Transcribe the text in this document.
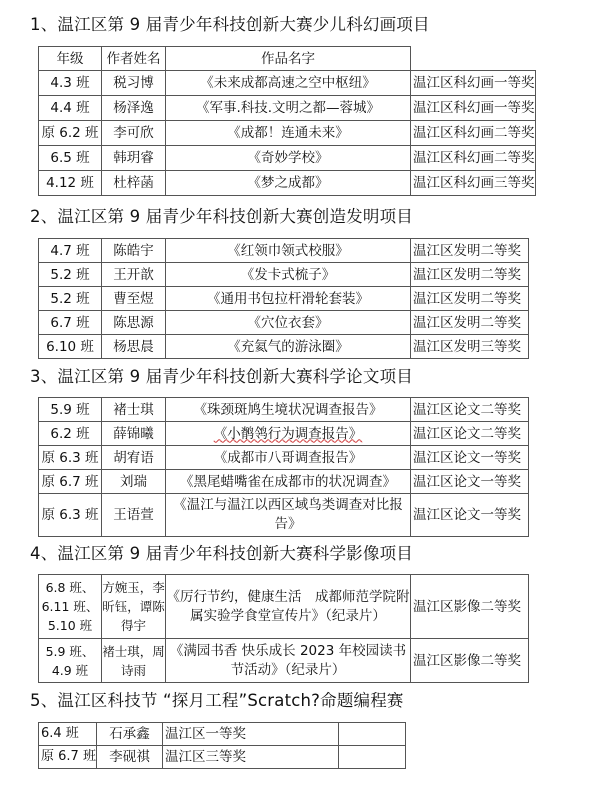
1、温江区第 9 届青少年科技创新大赛少儿科幻画项目
年级	作者姓名	作品名字	
4.3 班	税习博	《未来成都高速之空中枢纽》	温江区科幻画一等奖
4.4 班	杨泽逸	《军事.科技.文明之都—蓉城》	温江区科幻画一等奖
原 6.2 班	李可欣	《成都！连通未来》	温江区科幻画二等奖
6.5 班	韩玥睿	《奇妙学校》	温江区科幻画二等奖
4.12 班	杜梓菡	《梦之成都》	温江区科幻画三等奖
2、温江区第 9 届青少年科技创新大赛创造发明项目
4.7 班	陈皓宇	《红领巾领式校服》	温江区发明二等奖
5.2 班	王开歆	《发卡式梳子》	温江区发明二等奖
5.2 班	曹至煜	《通用书包拉杆滑轮套装》	温江区发明二等奖
6.7 班	陈思源	《穴位衣套》	温江区发明二等奖
6.10 班	杨思晨	《充氦气的游泳圈》	温江区发明三等奖
3、温江区第 9 届青少年科技创新大赛科学论文项目
5.9 班	褚士琪	《珠颈斑鸠生境状况调查报告》	温江区论文二等奖
6.2 班	薛锦曦	《小鹡鸰行为调查报告》	温江区论文二等奖
原 6.3 班	胡宥语	《成都市八哥调查报告》	温江区论文一等奖
原 6.7 班	刘瑞	《黑尾蜡嘴雀在成都市的状况调查》	温江区论文一等奖
原 6.3 班	王语萱	《温江与温江以西区域鸟类调查对比报告》	温江区论文一等奖
4、温江区第 9 届青少年科技创新大赛科学影像项目
6.8 班、6.11 班、5.10 班	方婉玉，李昕钰，谭陈得宇	《厉行节约，健康生活　成都师范学院附属实验学食堂宣传片》（纪录片）	温江区影像二等奖
5.9 班、4.9 班	褚士琪，周诗雨	《满园书香 快乐成长 2023 年校园读书节活动》（纪录片）	温江区影像二等奖
5、温江区科技节 “探月工程”Scratch?命题编程赛
6.4 班	石承鑫	温江区一等奖	
原 6.7 班	李砚祺	温江区三等奖	
